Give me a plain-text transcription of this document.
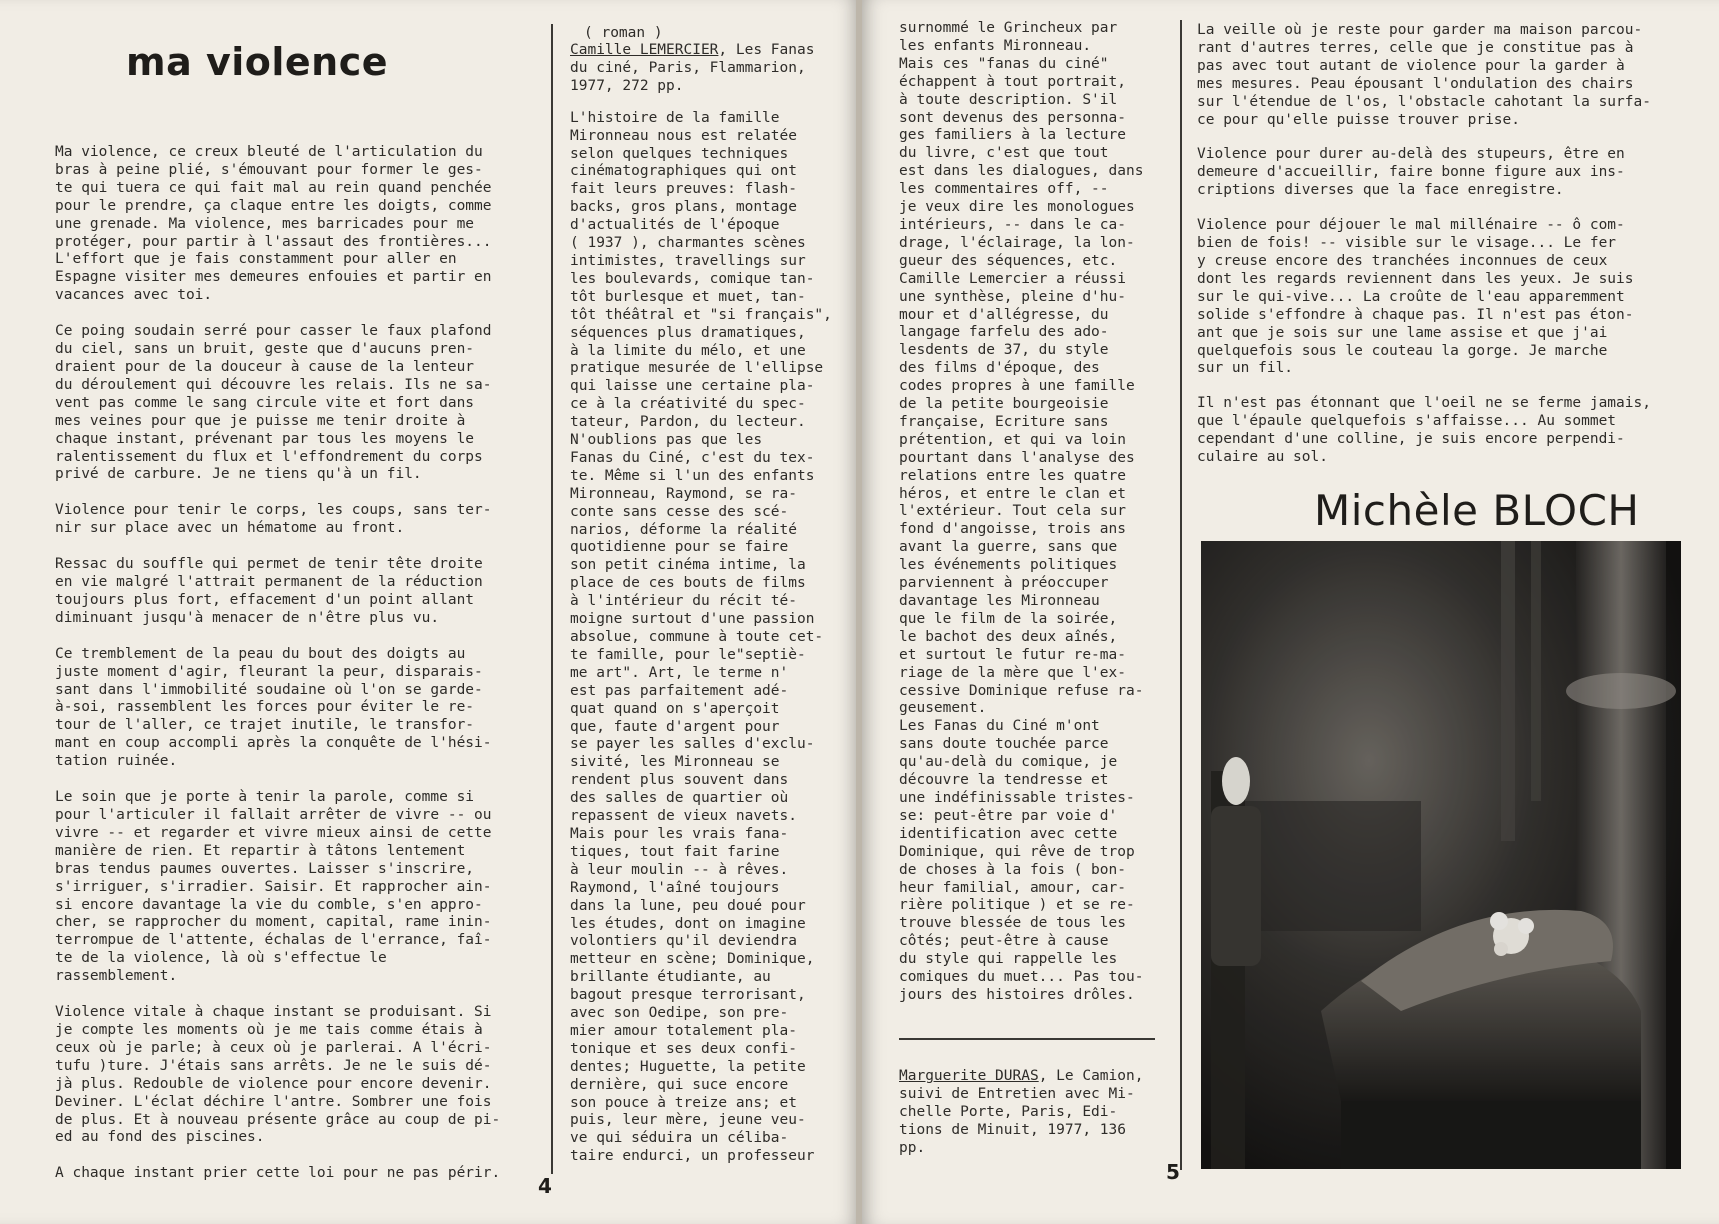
ma violence

Ma violence, ce creux bleuté de l'articulation du
bras à peine plié, s'émouvant pour former le ges-
te qui tuera ce qui fait mal au rein quand penchée
pour le prendre, ça claque entre les doigts, comme
une grenade. Ma violence, mes barricades pour me
protéger, pour partir à l'assaut des frontières...
L'effort que je fais constamment pour aller en
Espagne visiter mes demeures enfouies et partir en
vacances avec toi.

Ce poing soudain serré pour casser le faux plafond
du ciel, sans un bruit, geste que d'aucuns pren-
draient pour de la douceur à cause de la lenteur
du déroulement qui découvre les relais. Ils ne sa-
vent pas comme le sang circule vite et fort dans
mes veines pour que je puisse me tenir droite à
chaque instant, prévenant par tous les moyens le
ralentissement du flux et l'effondrement du corps
privé de carbure. Je ne tiens qu'à un fil.

Violence pour tenir le corps, les coups, sans ter-
nir sur place avec un hématome au front.

Ressac du souffle qui permet de tenir tête droite
en vie malgré l'attrait permanent de la réduction
toujours plus fort, effacement d'un point allant
diminuant jusqu'à menacer de n'être plus vu.

Ce tremblement de la peau du bout des doigts au
juste moment d'agir, fleurant la peur, disparais-
sant dans l'immobilité soudaine où l'on se garde-
à-soi, rassemblent les forces pour éviter le re-
tour de l'aller, ce trajet inutile, le transfor-
mant en coup accompli après la conquête de l'hési-
tation ruinée.

Le soin que je porte à tenir la parole, comme si
pour l'articuler il fallait arrêter de vivre -- ou
vivre -- et regarder et vivre mieux ainsi de cette
manière de rien. Et repartir à tâtons lentement
bras tendus paumes ouvertes. Laisser s'inscrire,
s'irriguer, s'irradier. Saisir. Et rapprocher ain-
si encore davantage la vie du comble, s'en appro-
cher, se rapprocher du moment, capital, rame inin-
terrompue de l'attente, échalas de l'errance, faî-
te de la violence, là où s'effectue le rassemblement.

Violence vitale à chaque instant se produisant. Si
je compte les moments où je me tais comme étais à
ceux où je parle; à ceux où je parlerai. A l'écri-
tufu )ture. J'étais sans arrêts. Je ne le suis dé-
jà plus. Redouble de violence pour encore devenir.
Deviner. L'éclat déchire l'antre. Sombrer une fois
de plus. Et à nouveau présente grâce au coup de pi-
ed au fond des piscines.

A chaque instant prier cette loi pour ne pas périr.

( roman )
Camille LEMERCIER, Les Fanas
du ciné, Paris, Flammarion,
1977, 272 pp.
L'histoire de la famille
Mironneau nous est relatée
selon quelques techniques
cinématographiques qui ont
fait leurs preuves: flash-
backs, gros plans, montage
d'actualités de l'époque
( 1937 ), charmantes scènes
intimistes, travellings sur
les boulevards, comique tan-
tôt burlesque et muet, tan-
tôt théâtral et "si français",
séquences plus dramatiques,
à la limite du mélo, et une
pratique mesurée de l'ellipse
qui laisse une certaine pla-
ce à la créativité du spec-
tateur, Pardon, du lecteur.
N'oublions pas que les
Fanas du Ciné, c'est du tex-
te. Même si l'un des enfants
Mironneau, Raymond, se ra-
conte sans cesse des scé-
narios, déforme la réalité
quotidienne pour se faire
son petit cinéma intime, la
place de ces bouts de films
à l'intérieur du récit té-
moigne surtout d'une passion
absolue, commune à toute cet-
te famille, pour le"septiè-
me art". Art, le terme n'
est pas parfaitement adé-
quat quand on s'aperçoit
que, faute d'argent pour
se payer les salles d'exclu-
sivité, les Mironneau se
rendent plus souvent dans
des salles de quartier où
repassent de vieux navets.
Mais pour les vrais fana-
tiques, tout fait farine
à leur moulin -- à rêves.
Raymond, l'aîné toujours
dans la lune, peu doué pour
les études, dont on imagine
volontiers qu'il deviendra
metteur en scène; Dominique,
brillante étudiante, au
bagout presque terrorisant,
avec son Oedipe, son pre-
mier amour totalement pla-
tonique et ses deux confi-
dentes; Huguette, la petite
dernière, qui suce encore
son pouce à treize ans; et
puis, leur mère, jeune veu-
ve qui séduira un céliba-
taire endurci, un professeur
4
surnommé le Grincheux par
les enfants Mironneau.
Mais ces "fanas du ciné"
échappent à tout portrait,
à toute description. S'il
sont devenus des personna-
ges familiers à la lecture
du livre, c'est que tout
est dans les dialogues, dans
les commentaires off, --
je veux dire les monologues
intérieurs, -- dans le ca-
drage, l'éclairage, la lon-
gueur des séquences, etc.
Camille Lemercier a réussi
une synthèse, pleine d'hu-
mour et d'allégresse, du
langage farfelu des ado-
lesdents de 37, du style
des films d'époque, des
codes propres à une famille
de la petite bourgeoisie
française, Ecriture sans
prétention, et qui va loin
pourtant dans l'analyse des
relations entre les quatre
héros, et entre le clan et
l'extérieur. Tout cela sur
fond d'angoisse, trois ans
avant la guerre, sans que
les événements politiques
parviennent à préoccuper
davantage les Mironneau
que le film de la soirée,
le bachot des deux aînés,
et surtout le futur re-ma-
riage de la mère que l'ex-
cessive Dominique refuse ra-
geusement.
Les Fanas du Ciné m'ont
sans doute touchée parce
qu'au-delà du comique, je
découvre la tendresse et
une indéfinissable tristes-
se: peut-être par voie d'
identification avec cette
Dominique, qui rêve de trop
de choses à la fois ( bon-
heur familial, amour, car-
rière politique ) et se re-
trouve blessée de tous les
côtés; peut-être à cause
du style qui rappelle les
comiques du muet... Pas tou-
jours des histoires drôles.
Marguerite DURAS, Le Camion,
suivi de Entretien avec Mi-
chelle Porte, Paris, Edi-
tions de Minuit, 1977, 136
pp.
5

La veille où je reste pour garder ma maison parcou-
rant d'autres terres, celle que je constitue pas à
pas avec tout autant de violence pour la garder à
mes mesures. Peau épousant l'ondulation des chairs
sur l'étendue de l'os, l'obstacle cahotant la surfa-
ce pour qu'elle puisse trouver prise.

Violence pour durer au-delà des stupeurs, être en
demeure d'accueillir, faire bonne figure aux ins-
criptions diverses que la face enregistre.

Violence pour déjouer le mal millénaire -- ô com-
bien de fois! -- visible sur le visage... Le fer
y creuse encore des tranchées inconnues de ceux
dont les regards reviennent dans les yeux. Je suis
sur le qui-vive... La croûte de l'eau apparemment
solide s'effondre à chaque pas. Il n'est pas éton-
ant que je sois sur une lame assise et que j'ai
quelquefois sous le couteau la gorge. Je marche
sur un fil.

Il n'est pas étonnant que l'oeil ne se ferme jamais,
que l'épaule quelquefois s'affaisse... Au sommet
cependant d'une colline, je suis encore perpendi-
culaire au sol.

Michèle BLOCH
